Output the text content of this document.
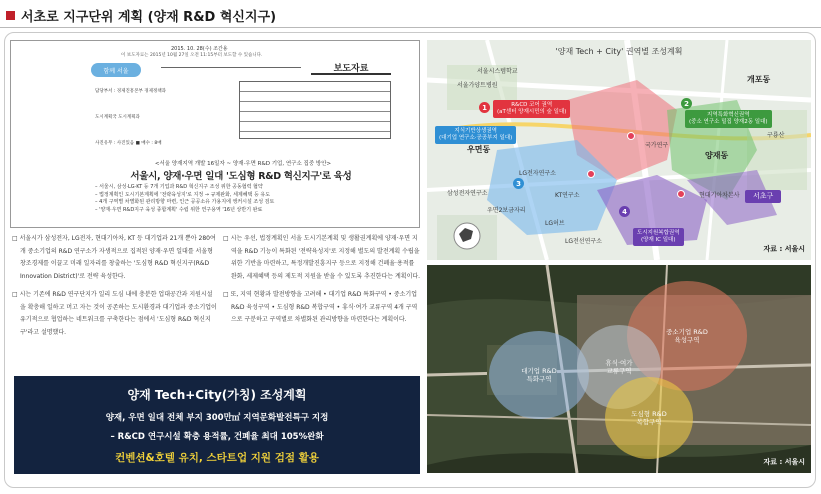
서초로 지구단위 계획 (양재 R&D 혁신지구)
2015. 10. 28(수) 조간용
이 보도자료는 2015년 10월 27일 오전 11:15부터 보도할 수 있습니다.
함께 서울	보도자료
담당부서 : 경제진흥본부 경제정책과
도시계획국 도시계획과
사진유무 : 사진있음 ■ 매수 : 8매
<서울 양재지역 개발 16일자 ~ 양재·우면 R&D 기업, 연구소 집중 방안>
서울시, 양재·우면 일대 '도심형 R&D 혁신지구'로 육성
– 서울시, 삼성·LG·KT 등 7개 기업과 R&D 혁신지구 조성 위한 공동협력 협약
– 법정계획인 도시기본계획에 '전략육성지'로 지정 → 규제완화, 세제혜택 등 유도
– 4개 구역별 차별화된 관리방향 마련, 인근 공공소유 가용지에 앵커시설 조성 검토
– '양재·우면 R&D지구 육성 종합계획' 수립 위한 연구용역 '16년 상반기 완료
□ 서울시가 삼성전자, LG전자, 현대기아차, KT 등 대기업과 21개 뿐아 280여 개 중소기업의 R&D 연구소가 자생적으로 집적된 양재·우면 일대를 서울형 창조경제를 이끌고 미래 일자리를 창출하는 '도심형 R&D 혁신지구(R&D Innovation District)'로 전략 육성한다.
□ 시는 기존에 R&D 연구단지가 일리 도심 내에 충분한 업대공간과 지원시설을 확충해 일하고 머고 자는 것이 공존하는 도시환경과 대기업과 중소기업이 유기적으로 협업하는 네트워크를 구축한다는 점에서 '도심형 R&D 혁신지구'라고 설명했다.
□ 시는 우선, 법정계획인 서울 도시기본계획 및 생활권계획에 양재·우면 지역을 R&D 기능이 특화된 '전략육성지'로 지정해 별도의 발전계획 수립을 위한 기반을 마련하고, 특정개발진흥지구 등으로 지정해 건폐율·용적률 완화, 세제혜택 등의 제도적 지원을 받을 수 있도록 추진한다는 계획이다.
□ 또, 지역 현황과 발전방향을 고려해 • 대기업 R&D 특화구역 • 중소기업 R&D 육성구역 • 도심형 R&D 복합구역 • 휴식·여가 교류구역 4개 구역으로 구분하고 구역별로 차별화된 관리방향을 마련한다는 계획이다.
양재 Tech+City(가칭) 조성계획
양재, 우면 일대 전체 부지 300만㎡ 지역문화발전특구 지정
– R&CD 연구시설 확충 용적률, 건폐율 최대 105%완화
컨벤션&호텔 유치, 스타트업 지원 검점 활용
'양재 Tech + City' 권역별 조성계획
서울시스템학교
서울가양트병원
개포동
우면동
양재동
구룡산
현대기아차본사
LG전자연구소
KT연구소
삼성전자연구소
우면2보금자리
LG허브
LG전선연구소
국가연구
R&CD 코어 권역
(aT센터 양재시민의 숲 일대)
1
지역특화혁신권역
(중소 연구소 밀집 양재2동 일대)
2
지식기반상생권역
(대기업 연구소·공공부지 일대)
3
도시지원복합권역
(양재 IC 일대)
4
서초구
자료 : 서울시
중소기업 R&D
육성구역
대기업 R&D
특화구역
휴식·여가
교류구역
도심형 R&D
복합구역
자료 : 서울시
